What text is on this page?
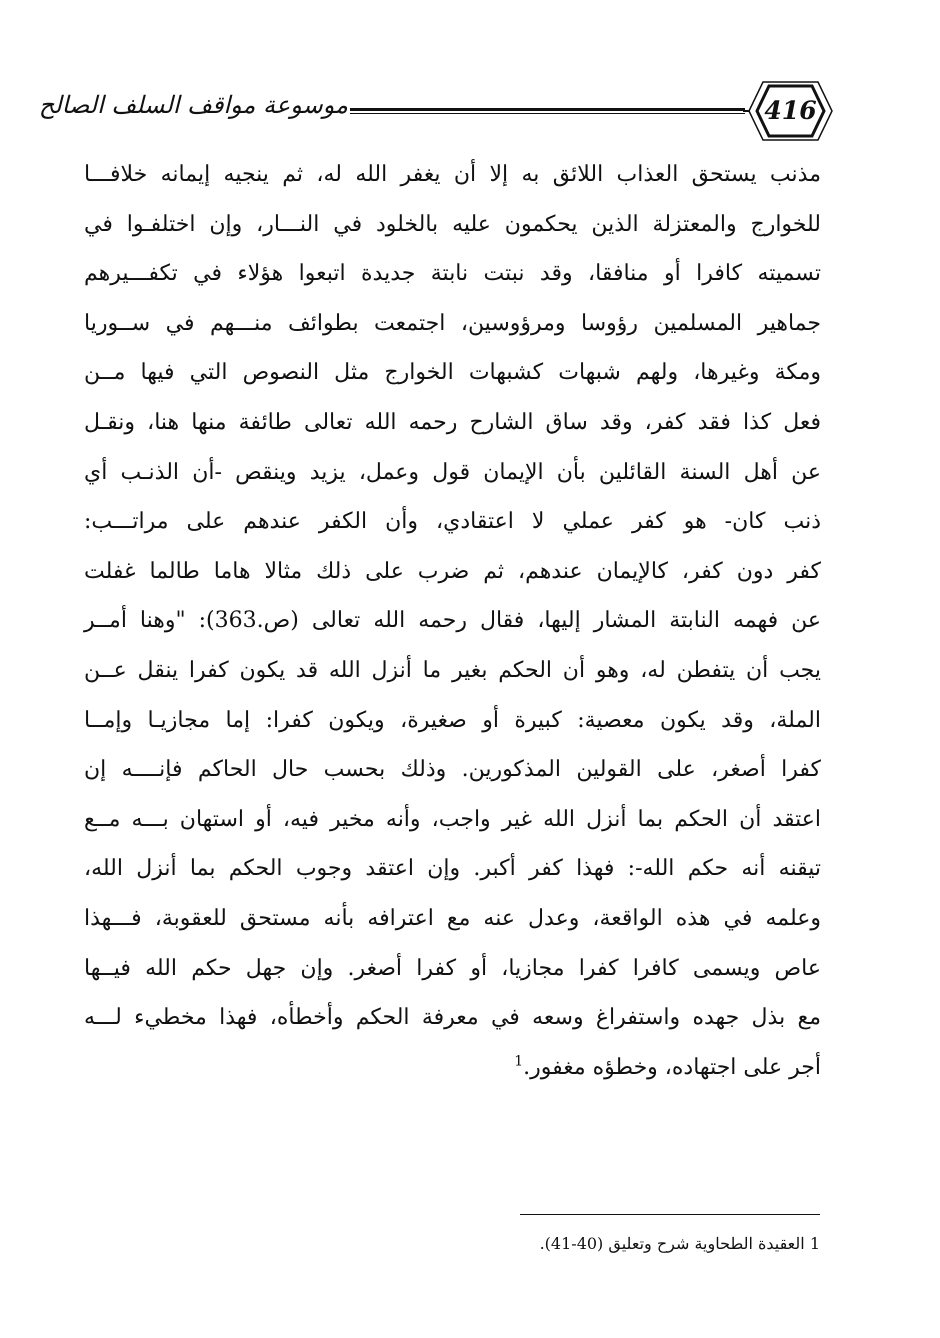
موسوعة مواقف السلف الصالح	416
مذنب يستحق العذاب اللائق به إلا أن يغفر الله له، ثم ينجيه إيمانه خلافـــا
للخوارج والمعتزلة الذين يحكمون عليه بالخلود في النـــار، وإن اختلفـوا في
تسميته كافرا أو منافقا، وقد نبتت نابتة جديدة اتبعوا هؤلاء في تكفـــيرهم
جماهير المسلمين رؤوسا ومرؤوسين، اجتمعت بطوائف منـــهم في ســوريا
ومكة وغيرها، ولهم شبهات كشبهات الخوارج مثل النصوص التي فيها مــن
فعل كذا فقد كفر، وقد ساق الشارح رحمه الله تعالى طائفة منها هنا، ونقـل
عن أهل السنة القائلين بأن الإيمان قول وعمل، يزيد وينقص -أن الذنـب أي
ذنب كان- هو كفر عملي لا اعتقادي، وأن الكفر عندهم على مراتـــب:
كفر دون كفر، كالإيمان عندهم، ثم ضرب على ذلك مثالا هاما طالما غفلت
عن فهمه النابتة المشار إليها، فقال رحمه الله تعالى (ص.363): "وهنا أمــر
يجب أن يتفطن له، وهو أن الحكم بغير ما أنزل الله قد يكون كفرا ينقل عــن
الملة، وقد يكون معصية: كبيرة أو صغيرة، ويكون كفرا: إما مجازيـا وإمــا
كفرا أصغر، على القولين المذكورين. وذلك بحسب حال الحاكم فإنــــه إن
اعتقد أن الحكم بما أنزل الله غير واجب، وأنه مخير فيه، أو استهان بـــه مــع
تيقنه أنه حكم الله-: فهذا كفر أكبر. وإن اعتقد وجوب الحكم بما أنزل الله،
وعلمه في هذه الواقعة، وعدل عنه مع اعترافه بأنه مستحق للعقوبة، فـــهذا
عاص ويسمى كافرا كفرا مجازيا، أو كفرا أصغر. وإن جهل حكم الله فيــها
مع بذل جهده واستفراغ وسعه في معرفة الحكم وأخطأه، فهذا مخطيء لـــه
أجر على اجتهاده، وخطؤه مغفور.$^1$
1 العقيدة الطحاوية شرح وتعليق (40-41).
